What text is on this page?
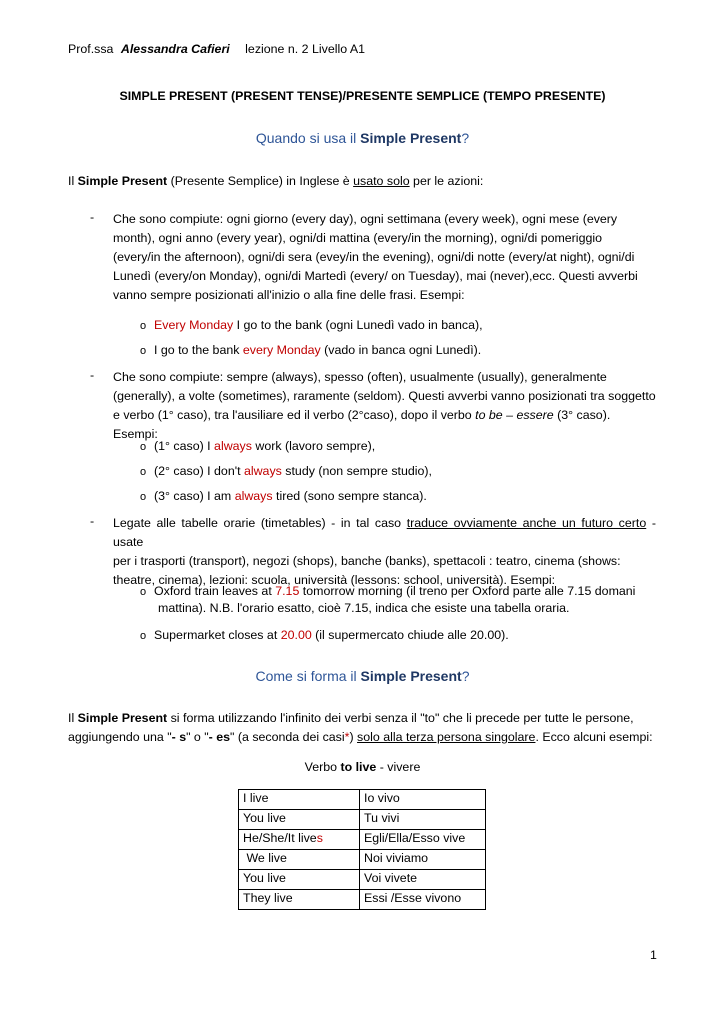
Prof.ssa Alessandra Cafieri lezione n. 2 Livello A1
SIMPLE PRESENT (PRESENT TENSE)/PRESENTE SEMPLICE (TEMPO PRESENTE)
Quando si usa il Simple Present?
Il Simple Present (Presente Semplice) in Inglese è usato solo per le azioni:
- Che sono compiute: ogni giorno (every day), ogni settimana (every week), ogni mese (every
month), ogni anno (every year), ogni/di mattina (every/in the morning), ogni/di pomeriggio
(every/in the afternoon), ogni/di sera (evey/in the evening), ogni/di notte (every/at night), ogni/di
Lunedì (every/on Monday), ogni/di Martedì (every/ on Tuesday), mai (never),ecc. Questi avverbi
vanno sempre posizionati all'inizio o alla fine delle frasi. Esempi:
o Every Monday I go to the bank (ogni Lunedì vado in banca),
o I go to the bank every Monday (vado in banca ogni Lunedì).
- Che sono compiute: sempre (always), spesso (often), usualmente (usually), generalmente
(generally), a volte (sometimes), raramente (seldom). Questi avverbi vanno posizionati tra soggetto
e verbo (1° caso), tra l'ausiliare ed il verbo (2°caso), dopo il verbo to be – essere (3° caso). Esempi:
o (1° caso) I always work (lavoro sempre),
o (2° caso) I don't always study (non sempre studio),
o (3° caso) I am always tired (sono sempre stanca).
- Legate alle tabelle orarie (timetables) - in tal caso traduce ovviamente anche un futuro certo - usate
per i trasporti (transport), negozi (shops), banche (banks), spettacoli : teatro, cinema (shows:
theatre, cinema), lezioni: scuola, università (lessons: school, università). Esempi:
o Oxford train leaves at 7.15 tomorrow morning (il treno per Oxford parte alle 7.15 domani
mattina). N.B. l'orario esatto, cioè 7.15, indica che esiste una tabella oraria.
o Supermarket closes at 20.00 (il supermercato chiude alle 20.00).
Come si forma il Simple Present?
Il Simple Present si forma utilizzando l'infinito dei verbi senza il "to" che li precede per tutte le persone,
aggiungendo una "- s" o "- es" (a seconda dei casi*) solo alla terza persona singolare. Ecco alcuni esempi:
Verbo to live - vivere
I live	Io vivo
You live	Tu vivi
He/She/It lives	Egli/Ella/Esso vive
We live	Noi viviamo
You live	Voi vivete
They live	Essi /Esse vivono
1
